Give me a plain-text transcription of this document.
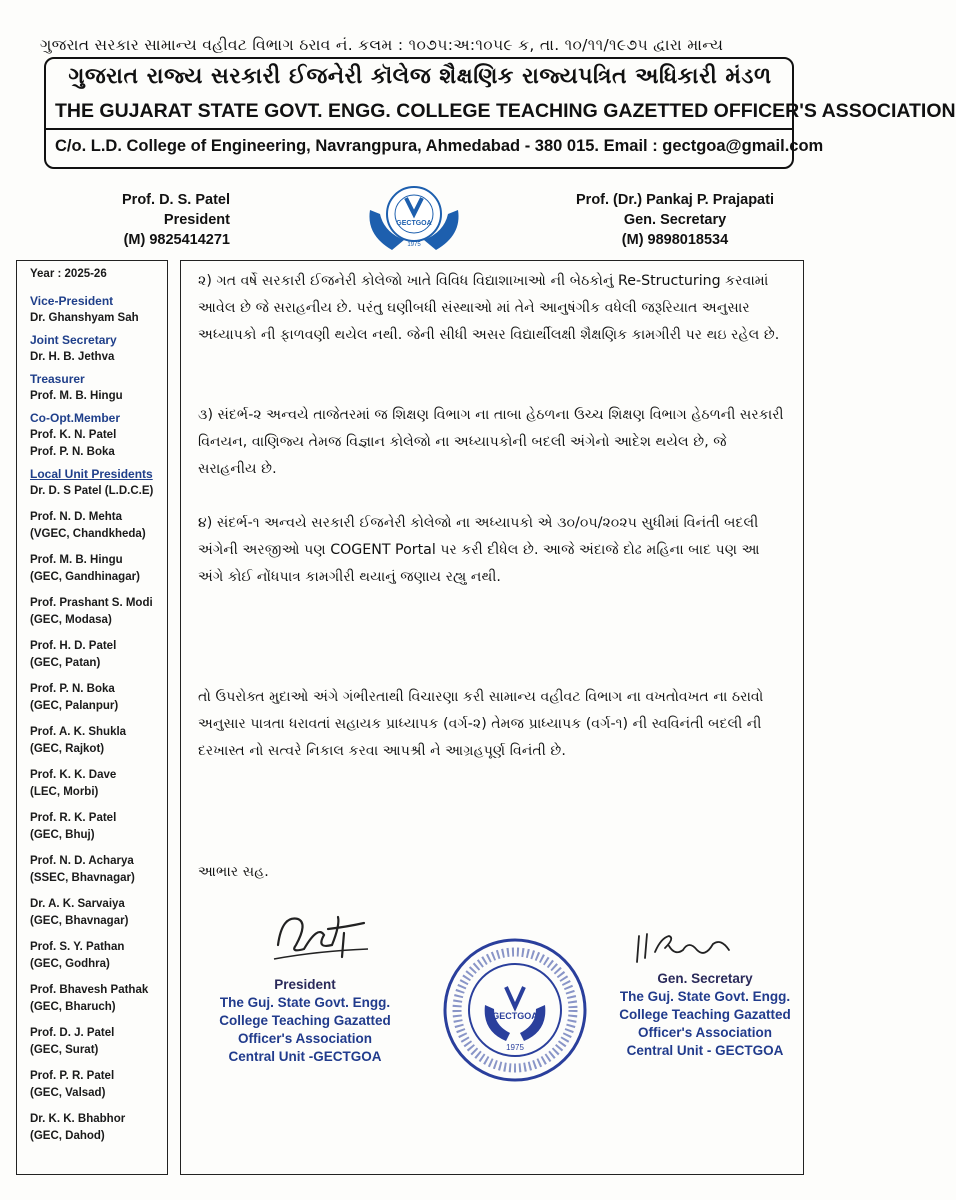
ગુજરાત સરકાર સામાન્ય વહીવટ વિભાગ ઠરાવ નં. કલમ : ૧૦૭૫:અ:૧૦૫૯ ક, તા. ૧૦/૧૧/૧૯૭૫ દ્વારા માન્ય
ગુજરાત રાજ્ય સરકારી ઈજનેરી કૉલેજ શૈક્ષણિક રાજ્યપત્રિત અધિકારી મંડળ
THE GUJARAT STATE GOVT. ENGG. COLLEGE TEACHING GAZETTED OFFICER'S ASSOCIATION
C/o. L.D. College of Engineering, Navrangpura, Ahmedabad - 380 015. Email : gectgoa@gmail.com
Prof. D. S. Patel
President
(M) 9825414271
GECTGOA
1975
Prof. (Dr.) Pankaj P. Prajapati
Gen. Secretary
(M) 9898018534
Year : 2025-26
Vice-President
Dr. Ghanshyam Sah
Joint Secretary
Dr. H. B. Jethva
Treasurer
Prof. M. B. Hingu
Co-Opt.Member
Prof. K. N. Patel
Prof. P. N. Boka
Local Unit Presidents
Dr. D. S Patel (L.D.C.E)
Prof. N. D. Mehta
(VGEC, Chandkheda)
Prof. M. B. Hingu
(GEC, Gandhinagar)
Prof. Prashant S. Modi
(GEC, Modasa)
Prof. H. D. Patel
(GEC, Patan)
Prof. P. N. Boka
(GEC, Palanpur)
Prof. A. K. Shukla
(GEC, Rajkot)
Prof. K. K. Dave
(LEC, Morbi)
Prof. R. K. Patel
(GEC, Bhuj)
Prof. N. D. Acharya
(SSEC, Bhavnagar)
Dr. A. K. Sarvaiya
(GEC, Bhavnagar)
Prof. S. Y. Pathan
(GEC, Godhra)
Prof. Bhavesh Pathak
(GEC, Bharuch)
Prof. D. J. Patel
(GEC, Surat)
Prof. P. R. Patel
(GEC, Valsad)
Dr. K. K. Bhabhor
(GEC, Dahod)
૨) ગત વર્ષે સરકારી ઈજનેરી કોલેજો ખાતે વિવિધ વિદ્યાશાખાઓ ની બેઠકોનું Re-Structuring કરવામાં આવેલ છે જે સરાહનીય છે. પરંતુ ઘણીબધી સંસ્થાઓ માં તેને આનુષંગીક વધેલી જરૂરિયાત અનુસાર અધ્યાપકો ની ફાળવણી થયેલ નથી. જેની સીધી અસર વિદ્યાર્થીલક્ષી શૈક્ષણિક કામગીરી પર થઇ રહેલ છે.
૩) સંદર્ભ-૨ અન્વયે તાજેતરમાં જ શિક્ષણ વિભાગ ના તાબા હેઠળના ઉચ્ચ શિક્ષણ વિભાગ હેઠળની સરકારી વિનયન, વાણિજ્ય તેમજ વિજ્ઞાન કોલેજો ના અધ્યાપકોની બદલી અંગેનો આદેશ થયેલ છે, જે સરાહનીય છે.
૪) સંદર્ભ-૧ અન્વયે સરકારી ઈજનેરી કોલેજો ના અધ્યાપકો એ ૩૦/૦૫/૨૦૨૫ સુધીમાં વિનંતી બદલી અંગેની અરજીઓ પણ COGENT Portal પર કરી દીધેલ છે. આજે અંદાજે દોઢ મહિના બાદ પણ આ અંગે કોઈ નોંધપાત્ર કામગીરી થયાનું જણાય રહ્યુ નથી.
તો ઉપરોક્ત મુદાઓ અંગે ગંભીરતાથી વિચારણા કરી સામાન્ય વહીવટ વિભાગ ના વખતોવખત ના ઠરાવો અનુસાર પાત્રતા ધરાવતાં સહાયક પ્રાધ્યાપક (વર્ગ-૨) તેમજ પ્રાધ્યાપક (વર્ગ-૧) ની સ્વવિનંતી બદલી ની દરખાસ્ત નો સત્વરે નિકાલ કરવા આપશ્રી ને આગ્રહપૂર્ણ વિનંતી છે.
આભાર સહ.
President
The Guj. State Govt. Engg.
College Teaching Gazatted
Officer's Association
Central Unit -GECTGOA
GECTGOA
1975
Gen. Secretary
The Guj. State Govt. Engg.
College Teaching Gazatted
Officer's Association
Central Unit - GECTGOA
